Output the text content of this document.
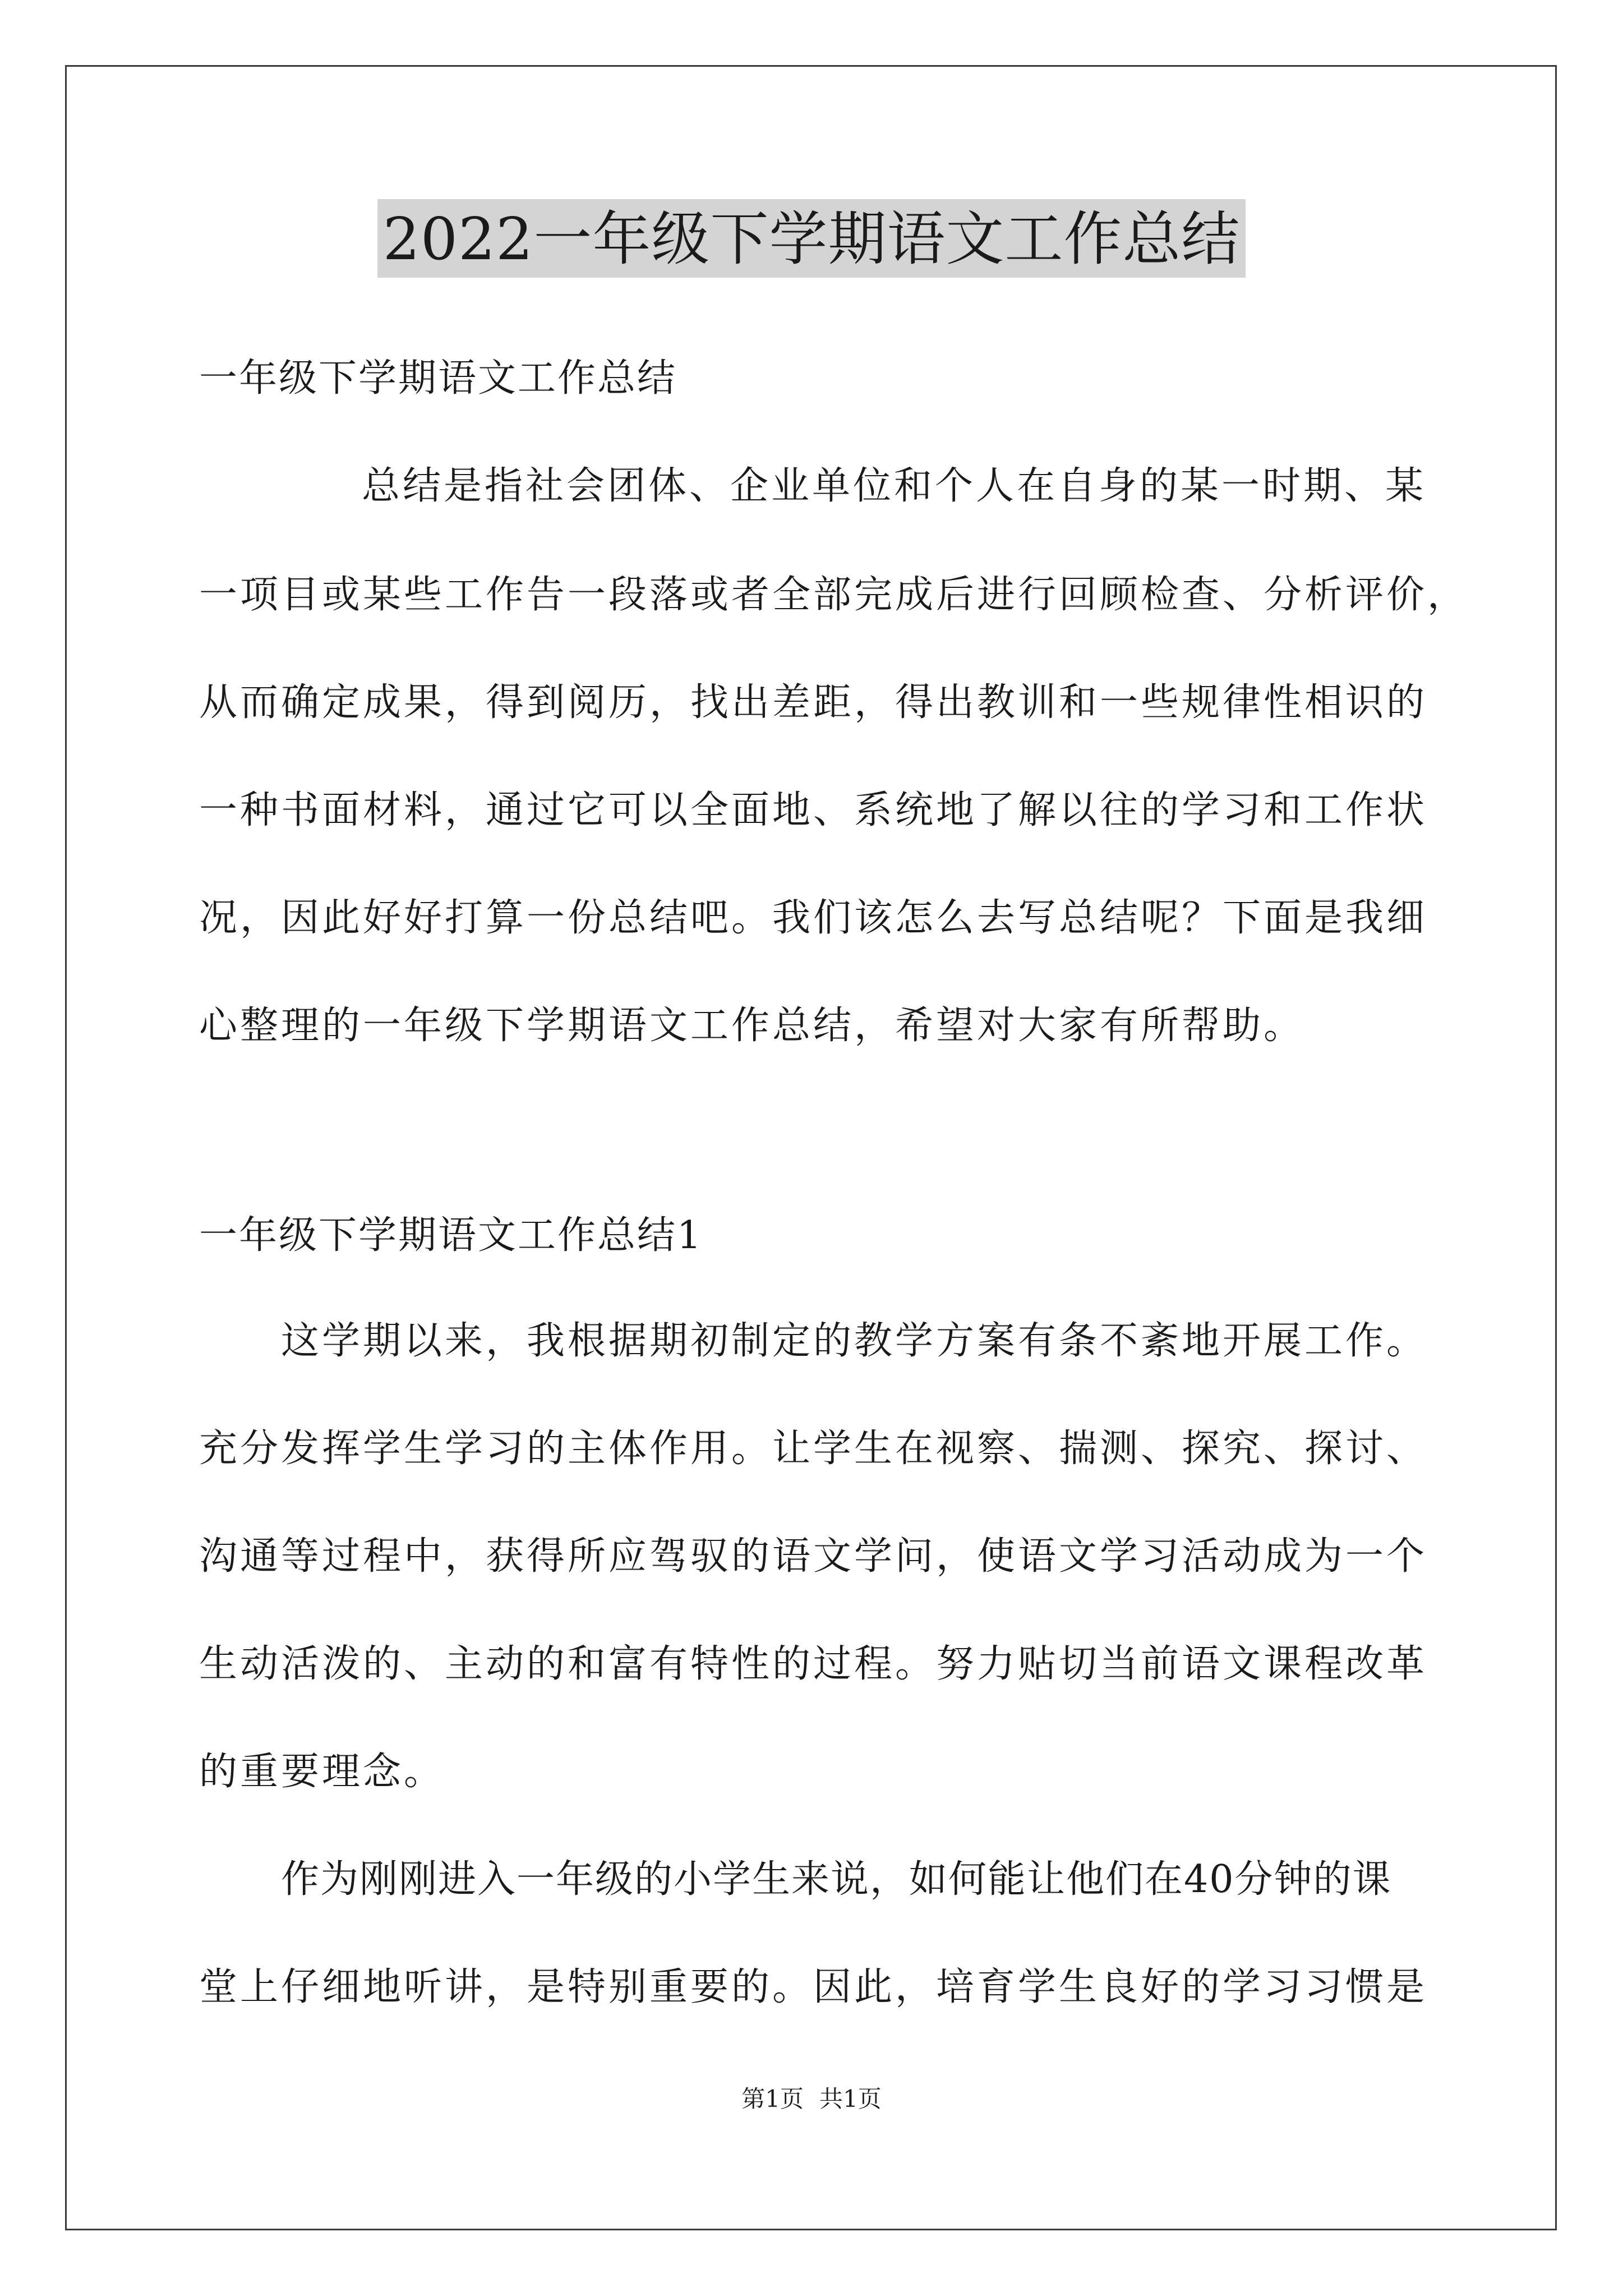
2022一年级下学期语文工作总结
一年级下学期语文工作总结
总结是指社会团体、企业单位和个人在自身的某一时期、某
一项目或某些工作告一段落或者全部完成后进行回顾检查、分析评价，
从而确定成果，得到阅历，找出差距，得出教训和一些规律性相识的
一种书面材料，通过它可以全面地、系统地了解以往的学习和工作状
况，因此好好打算一份总结吧。我们该怎么去写总结呢？下面是我细
心整理的一年级下学期语文工作总结，希望对大家有所帮助。
一年级下学期语文工作总结1
这学期以来，我根据期初制定的教学方案有条不紊地开展工作。
充分发挥学生学习的主体作用。让学生在视察、揣测、探究、探讨、
沟通等过程中，获得所应驾驭的语文学问，使语文学习活动成为一个
生动活泼的、主动的和富有特性的过程。努力贴切当前语文课程改革
的重要理念。
作为刚刚进入一年级的小学生来说，如何能让他们在40分钟的课
堂上仔细地听讲，是特别重要的。因此，培育学生良好的学习习惯是
第1页 共1页
